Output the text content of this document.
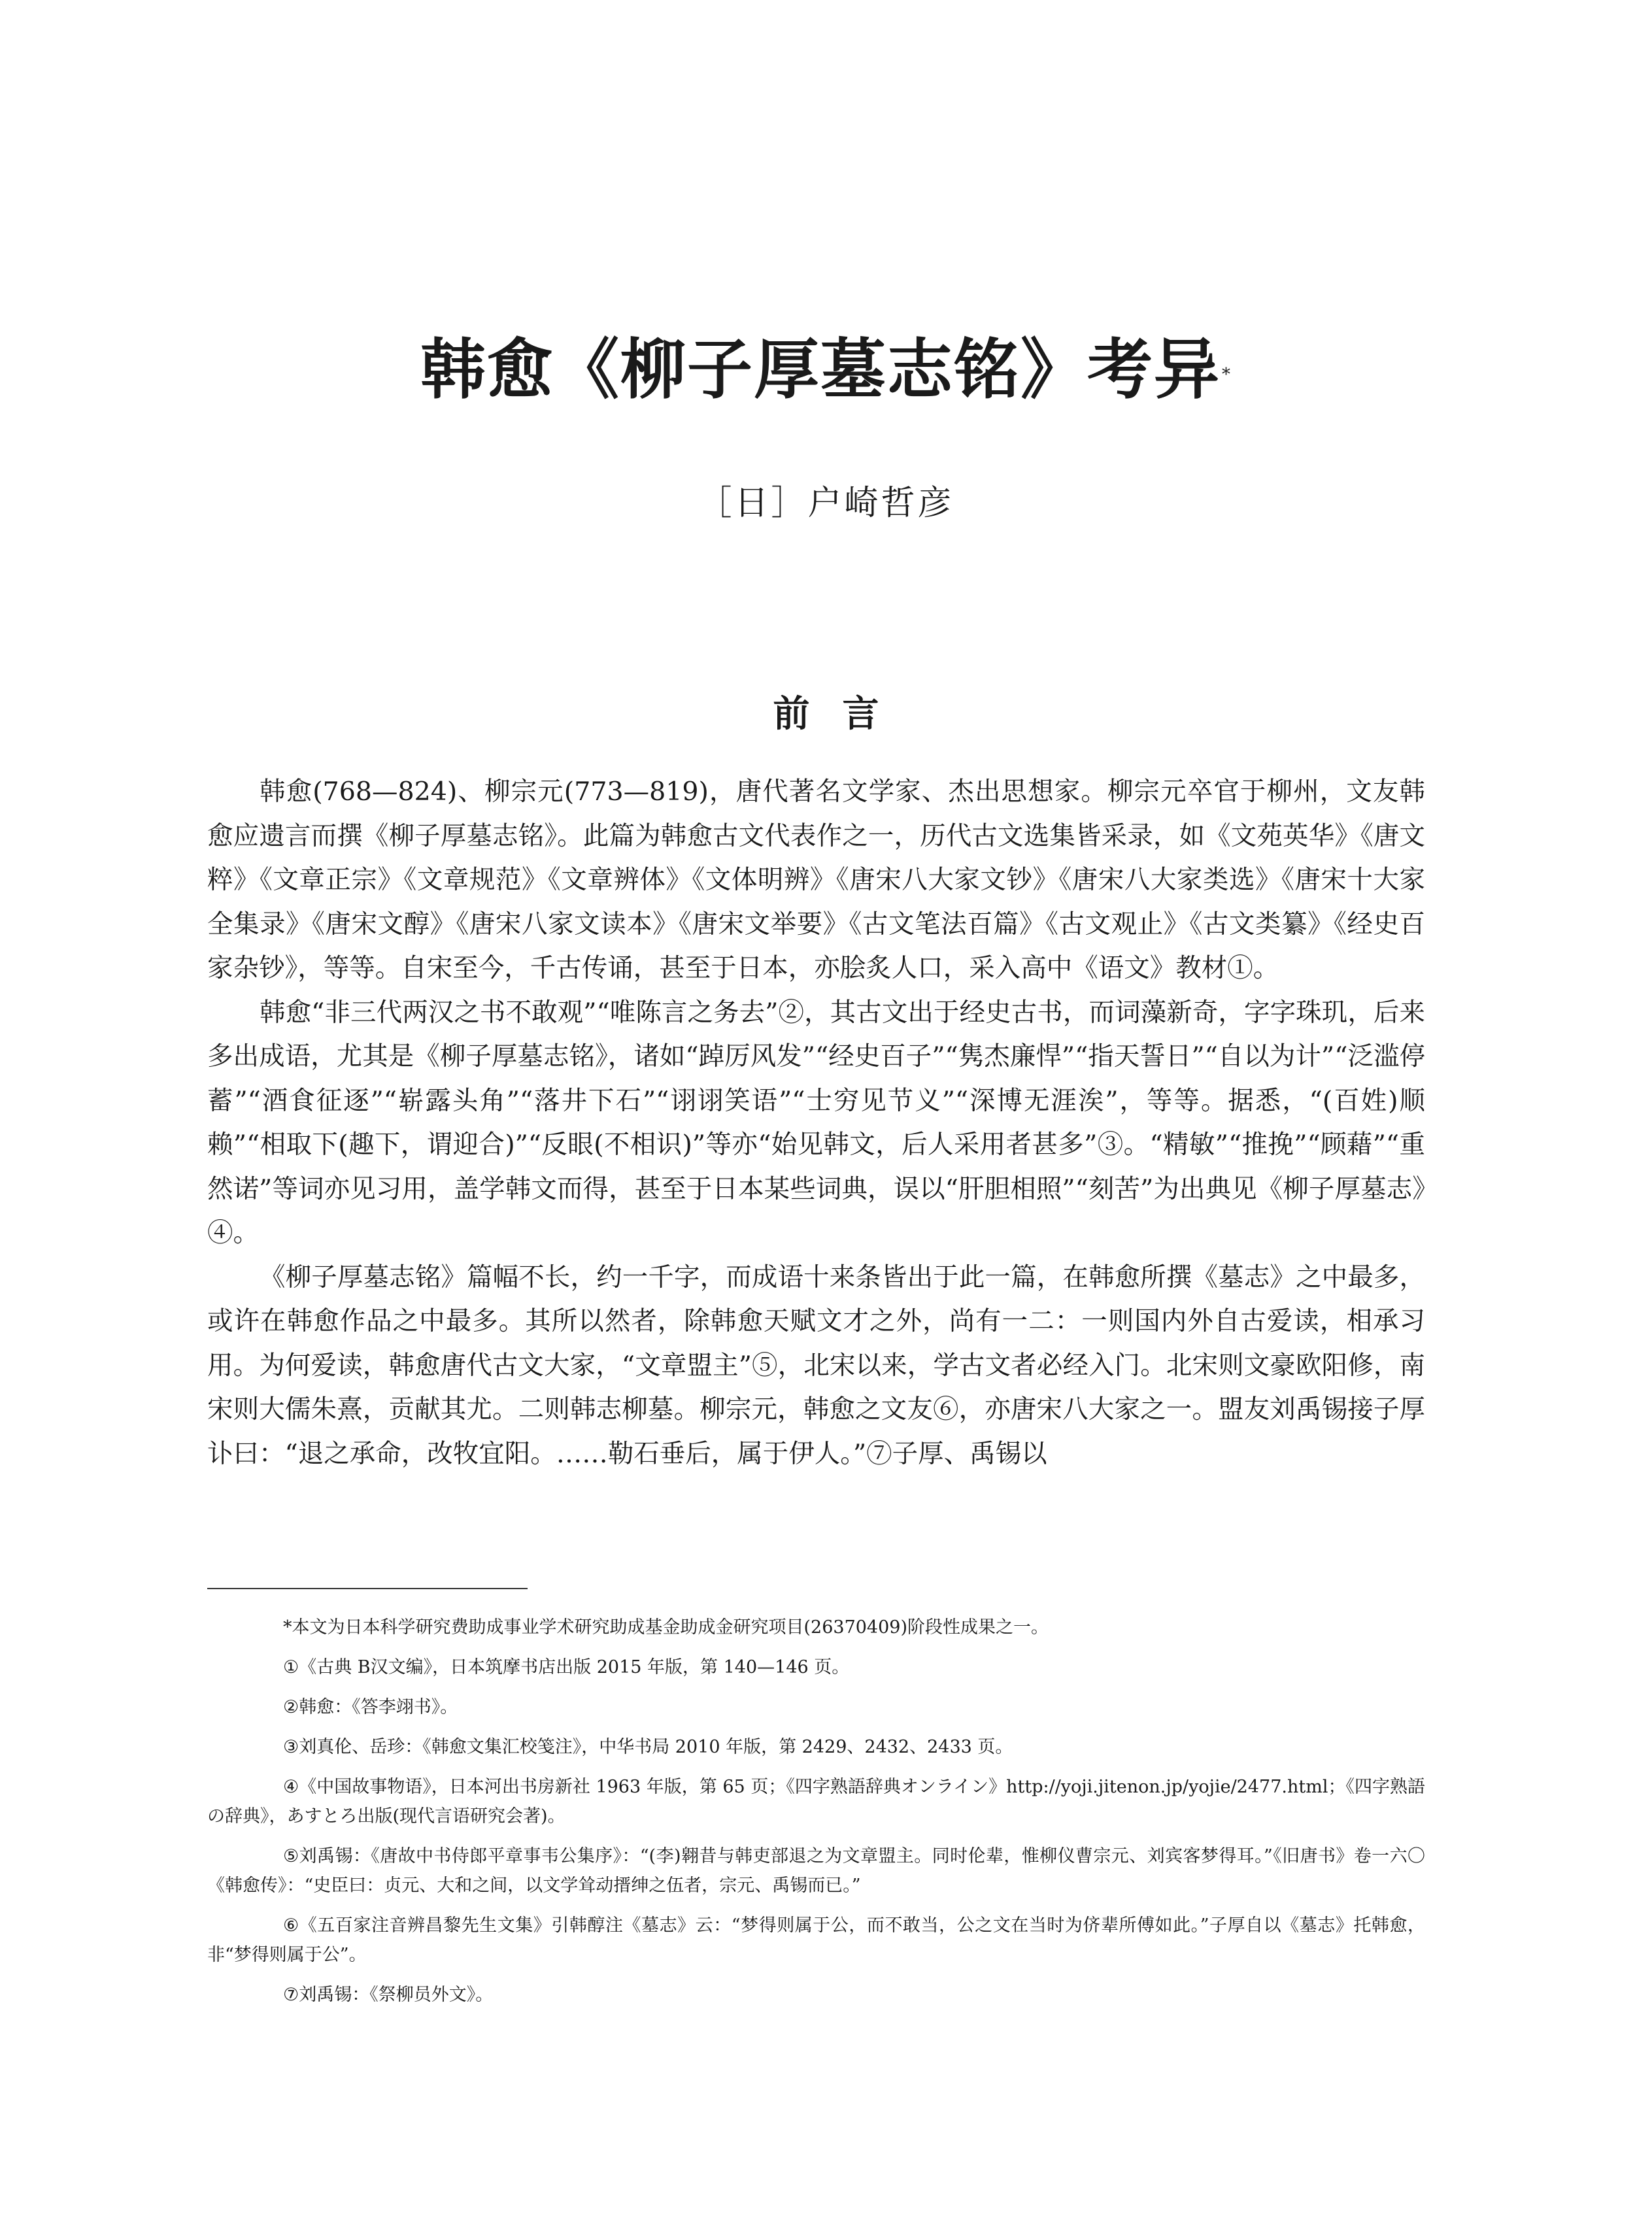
韩愈《柳子厚墓志铭》考异*
［日］户崎哲彦
前言

韩愈(768—824)、柳宗元(773—819)，唐代著名文学家、杰出思想家。柳宗元卒官于柳州，文友韩愈应遗言而撰《柳子厚墓志铭》。此篇为韩愈古文代表作之一，历代古文选集皆采录，如《文苑英华》《唐文粹》《文章正宗》《文章规范》《文章辨体》《文体明辨》《唐宋八大家文钞》《唐宋八大家类选》《唐宋十大家全集录》《唐宋文醇》《唐宋八家文读本》《唐宋文举要》《古文笔法百篇》《古文观止》《古文类纂》《经史百家杂钞》，等等。自宋至今，千古传诵，甚至于日本，亦脍炙人口，采入高中《语文》教材①。

韩愈“非三代两汉之书不敢观”“唯陈言之务去”②，其古文出于经史古书，而词藻新奇，字字珠玑，后来多出成语，尤其是《柳子厚墓志铭》，诸如“踔厉风发”“经史百子”“隽杰廉悍”“指天誓日”“自以为计”“泛滥停蓄”“酒食征逐”“崭露头角”“落井下石”“诩诩笑语”“士穷见节义”“深博无涯涘”，等等。据悉，“(百姓)顺赖”“相取下(趣下，谓迎合)”“反眼(不相识)”等亦“始见韩文，后人采用者甚多”③。“精敏”“推挽”“顾藉”“重然诺”等词亦见习用，盖学韩文而得，甚至于日本某些词典，误以“肝胆相照”“刻苦”为出典见《柳子厚墓志》④。

《柳子厚墓志铭》篇幅不长，约一千字，而成语十来条皆出于此一篇，在韩愈所撰《墓志》之中最多，或许在韩愈作品之中最多。其所以然者，除韩愈天赋文才之外，尚有一二：一则国内外自古爱读，相承习用。为何爱读，韩愈唐代古文大家，“文章盟主”⑤，北宋以来，学古文者必经入门。北宋则文豪欧阳修，南宋则大儒朱熹，贡献其尤。二则韩志柳墓。柳宗元，韩愈之文友⑥，亦唐宋八大家之一。盟友刘禹锡接子厚讣曰：“退之承命，改牧宜阳。……勒石垂后，属于伊人。”⑦子厚、禹锡以

*本文为日本科学研究费助成事业学术研究助成基金助成金研究项目(26370409)阶段性成果之一。

①《古典 B汉文编》，日本筑摩书店出版 2015 年版，第 140—146 页。

②韩愈：《答李翊书》。

③刘真伦、岳珍：《韩愈文集汇校笺注》，中华书局 2010 年版，第 2429、2432、2433 页。

④《中国故事物语》，日本河出书房新社 1963 年版，第 65 页；《四字熟語辞典オンライン》http://yoji.jitenon.jp/yojie/2477.html；《四字熟語の辞典》，あすとろ出版(现代言语研究会著)。

⑤刘禹锡：《唐故中书侍郎平章事韦公集序》：“(李)翱昔与韩吏部退之为文章盟主。同时伦辈，惟柳仪曹宗元、刘宾客梦得耳。”《旧唐书》卷一六〇《韩愈传》：“史臣曰：贞元、大和之间，以文学耸动搢绅之伍者，宗元、禹锡而已。”

⑥《五百家注音辨昌黎先生文集》引韩醇注《墓志》云：“梦得则属于公，而不敢当，公之文在当时为侪辈所傅如此。”子厚自以《墓志》托韩愈，非“梦得则属于公”。

⑦刘禹锡：《祭柳员外文》。
